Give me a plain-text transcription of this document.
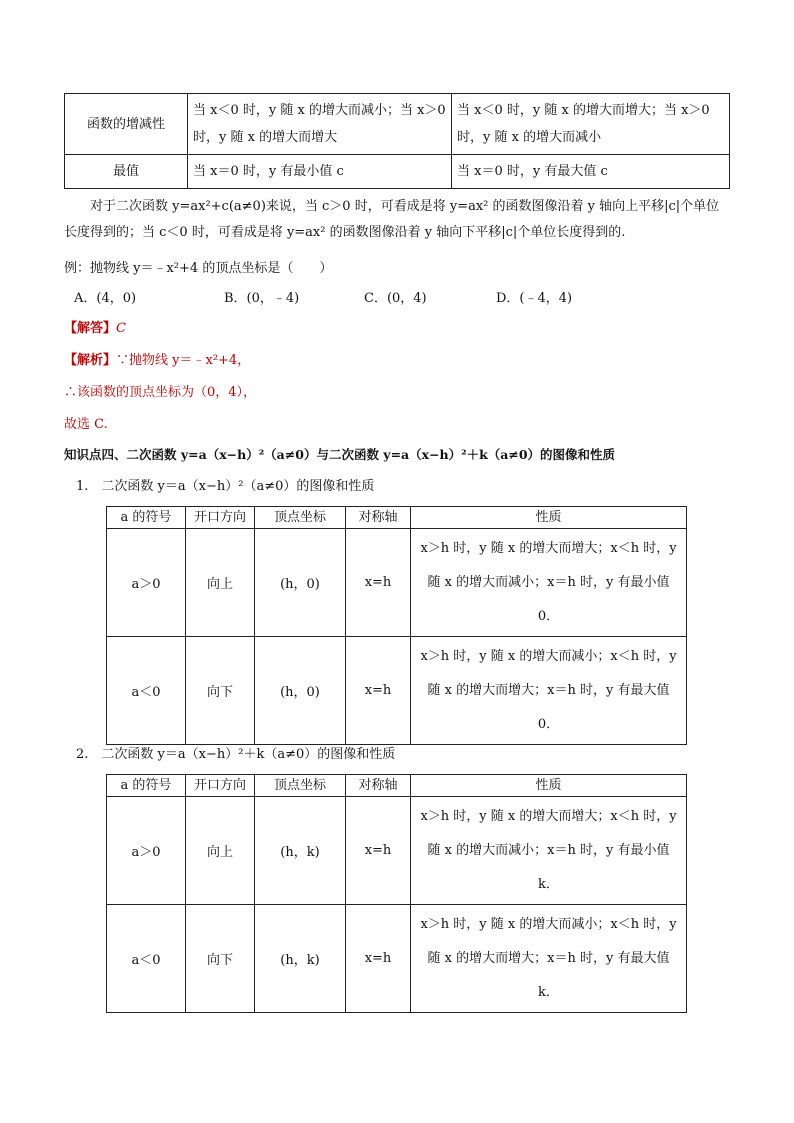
函数的增减性	当 x＜0 时，y 随 x 的增大而减小；当 x＞0 时，y 随 x 的增大而增大	当 x＜0 时，y 随 x 的增大而增大；当 x＞0 时，y 随 x 的增大而减小
最值	当 x＝0 时，y 有最小值 c	当 x＝0 时，y 有最大值 c
对于二次函数 y=ax²+c(a≠0)来说，当 c＞0 时，可看成是将 y=ax² 的函数图像沿着 y 轴向上平移|c|个单位长度得到的；当 c＜0 时，可看成是将 y=ax² 的函数图像沿着 y 轴向下平移|c|个单位长度得到的.
例：抛物线 y＝﹣x²+4 的顶点坐标是（　　）
A．(4，0)	B．(0，﹣4)	C．(0，4)	D．(﹣4，4)
【解答】C
【解析】∵抛物线 y＝﹣x²+4，
∴该函数的顶点坐标为（0，4），
故选 C.
知识点四、二次函数 y=a（x−h）²（a≠0）与二次函数 y=a（x−h）²＋k（a≠0）的图像和性质
1.　二次函数 y＝a（x−h）²（a≠0）的图像和性质
a 的符号	开口方向	顶点坐标	对称轴	性质
a＞0	向上	(h，0)	x=h	x＞h 时，y 随 x 的增大而增大；x＜h 时，y 随 x 的增大而减小；x＝h 时，y 有最小值 0．
a＜0	向下	(h，0)	x=h	x＞h 时，y 随 x 的增大而减小；x＜h 时，y 随 x 的增大而增大；x＝h 时，y 有最大值 0．
2.　二次函数 y＝a（x−h）²＋k（a≠0）的图像和性质
a 的符号	开口方向	顶点坐标	对称轴	性质
a＞0	向上	(h，k)	x=h	x＞h 时，y 随 x 的增大而增大；x＜h 时，y 随 x 的增大而减小；x＝h 时，y 有最小值 k．
a＜0	向下	(h，k)	x=h	x＞h 时，y 随 x 的增大而减小；x＜h 时，y 随 x 的增大而增大；x＝h 时，y 有最大值 k．
